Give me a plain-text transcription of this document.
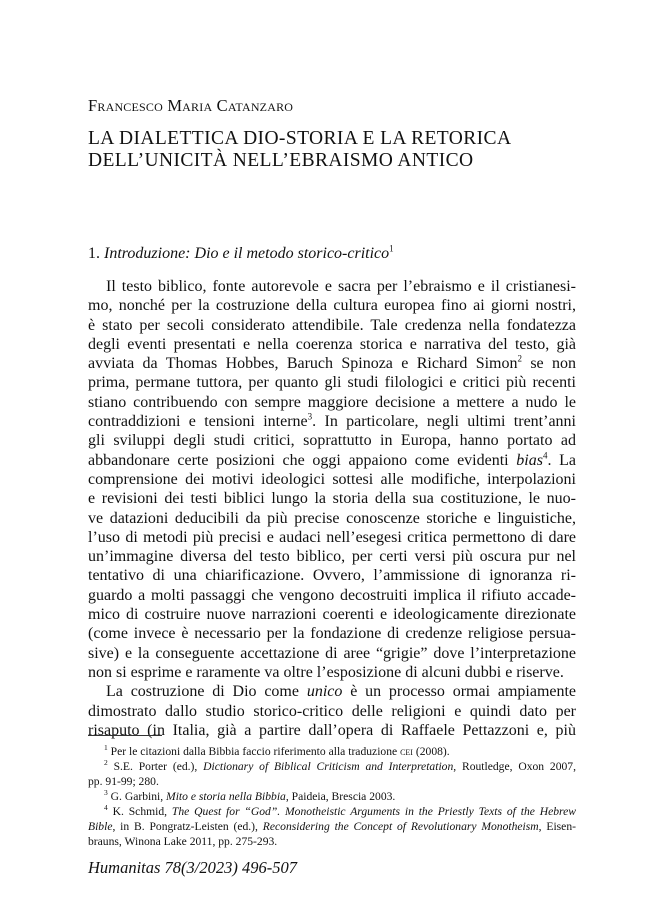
Francesco Maria Catanzaro
LA DIALETTICA DIO-STORIA E LA RETORICA
DELL’UNICITÀ NELL’EBRAISMO ANTICO
1. Introduzione: Dio e il metodo storico-critico$^1$
Il testo biblico, fonte autorevole e sacra per l’ebraismo e il cristianesi-
mo, nonché per la costruzione della cultura europea fino ai giorni nostri,
è stato per secoli considerato attendibile. Tale credenza nella fondatezza
degli eventi presentati e nella coerenza storica e narrativa del testo, già
avviata da Thomas Hobbes, Baruch Spinoza e Richard Simon$^2$ se non
prima, permane tuttora, per quanto gli studi filologici e critici più recenti
stiano contribuendo con sempre maggiore decisione a mettere a nudo le
contraddizioni e tensioni interne$^3$. In particolare, negli ultimi trent’anni
gli sviluppi degli studi critici, soprattutto in Europa, hanno portato ad
abbandonare certe posizioni che oggi appaiono come evidenti bias$^4$. La
comprensione dei motivi ideologici sottesi alle modifiche, interpolazioni
e revisioni dei testi biblici lungo la storia della sua costituzione, le nuo-
ve datazioni deducibili da più precise conoscenze storiche e linguistiche,
l’uso di metodi più precisi e audaci nell’esegesi critica permettono di dare
un’immagine diversa del testo biblico, per certi versi più oscura pur nel
tentativo di una chiarificazione. Ovvero, l’ammissione di ignoranza ri-
guardo a molti passaggi che vengono decostruiti implica il rifiuto accade-
mico di costruire nuove narrazioni coerenti e ideologicamente direzionate
(come invece è necessario per la fondazione di credenze religiose persua-
sive) e la conseguente accettazione di aree “grigie” dove l’interpretazione
non si esprime e raramente va oltre l’esposizione di alcuni dubbi e riserve.
La costruzione di Dio come unico è un processo ormai ampiamente
dimostrato dallo studio storico-critico delle religioni e quindi dato per
risaputo (in Italia, già a partire dall’opera di Raffaele Pettazzoni e, più
$^1$ Per le citazioni dalla Bibbia faccio riferimento alla traduzione cei (2008).
$^2$ S.E. Porter (ed.), Dictionary of Biblical Criticism and Interpretation, Routledge, Oxon 2007,
pp. 91-99; 280.
$^3$ G. Garbini, Mito e storia nella Bibbia, Paideia, Brescia 2003.
$^4$ K. Schmid, The Quest for “God”. Monotheistic Arguments in the Priestly Texts of the Hebrew
Bible, in B. Pongratz-Leisten (ed.), Reconsidering the Concept of Revolutionary Monotheism, Eisen-
brauns, Winona Lake 2011, pp. 275-293.
Humanitas 78(3/2023) 496-507
